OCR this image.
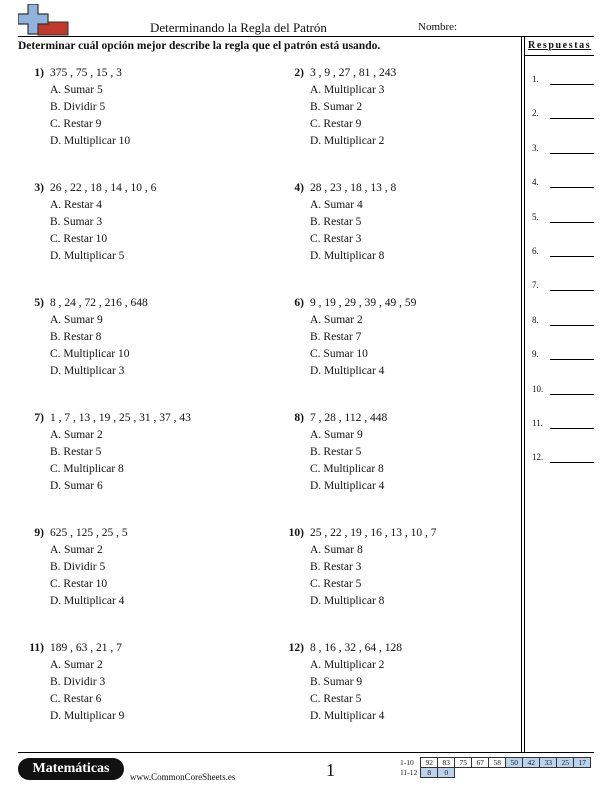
Determinando la Regla del Patrón	Nombre:
Determinar cuál opción mejor describe la regla que el patrón está usando.	Respuestas
1) 375 , 75 , 15 , 3
A. Sumar 5
B. Dividir 5
C. Restar 9
D. Multiplicar 10
2) 3 , 9 , 27 , 81 , 243
A. Multiplicar 3
B. Sumar 2
C. Restar 9
D. Multiplicar 2
3) 26 , 22 , 18 , 14 , 10 , 6
A. Restar 4
B. Sumar 3
C. Restar 10
D. Multiplicar 5
4) 28 , 23 , 18 , 13 , 8
A. Sumar 4
B. Restar 5
C. Restar 3
D. Multiplicar 8
5) 8 , 24 , 72 , 216 , 648
A. Sumar 9
B. Restar 8
C. Multiplicar 10
D. Multiplicar 3
6) 9 , 19 , 29 , 39 , 49 , 59
A. Sumar 2
B. Restar 7
C. Sumar 10
D. Multiplicar 4
7) 1 , 7 , 13 , 19 , 25 , 31 , 37 , 43
A. Sumar 2
B. Restar 5
C. Multiplicar 8
D. Sumar 6
8) 7 , 28 , 112 , 448
A. Sumar 9
B. Restar 5
C. Multiplicar 8
D. Multiplicar 4
9) 625 , 125 , 25 , 5
A. Sumar 2
B. Dividir 5
C. Restar 10
D. Multiplicar 4
10) 25 , 22 , 19 , 16 , 13 , 10 , 7
A. Sumar 8
B. Restar 3
C. Restar 5
D. Multiplicar 8
11) 189 , 63 , 21 , 7
A. Sumar 2
B. Dividir 3
C. Restar 6
D. Multiplicar 9
12) 8 , 16 , 32 , 64 , 128
A. Multiplicar 2
B. Sumar 9
C. Restar 5
D. Multiplicar 4
1.
2.
3.
4.
5.
6.
7.
8.
9.
10.
11.
12.
Matemáticas
www.CommonCoreSheets.es	1	1-10	92	83	75	67	58	50	42	33	25	17
11-12	8	0								
